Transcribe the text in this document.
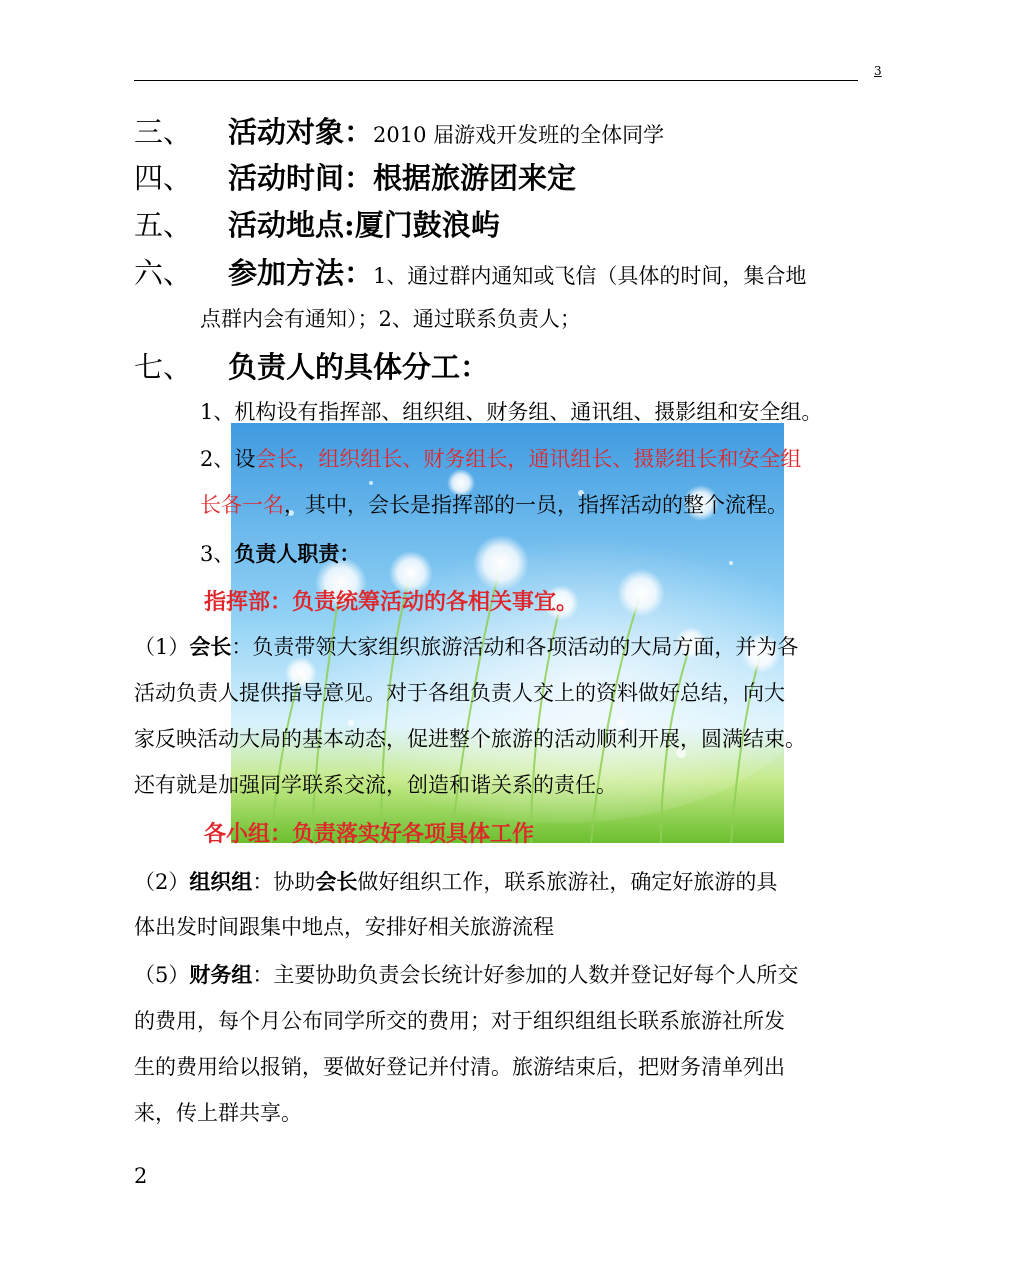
3
三、 活动对象：2010 届游戏开发班的全体同学
四、 活动时间：根据旅游团来定
五、 活动地点:厦门鼓浪屿
六、 参加方法：1、通过群内通知或飞信（具体的时间，集合地
点群内会有通知）；2、通过联系负责人；
七、 负责人的具体分工：
1、机构设有指挥部、组织组、财务组、通讯组、摄影组和安全组。
2、设会长，组织组长、财务组长，通讯组长、摄影组长和安全组
长各一名，其中，会长是指挥部的一员，指挥活动的整个流程。
3、负责人职责：
指挥部：负责统筹活动的各相关事宜。
（1）会长：负责带领大家组织旅游活动和各项活动的大局方面，并为各
活动负责人提供指导意见。对于各组负责人交上的资料做好总结，向大
家反映活动大局的基本动态，促进整个旅游的活动顺利开展，圆满结束。
还有就是加强同学联系交流，创造和谐关系的责任。
各小组：负责落实好各项具体工作
（2）组织组：协助会长做好组织工作，联系旅游社，确定好旅游的具
体出发时间跟集中地点，安排好相关旅游流程
（5）财务组：主要协助负责会长统计好参加的人数并登记好每个人所交
的费用，每个月公布同学所交的费用；对于组织组组长联系旅游社所发
生的费用给以报销，要做好登记并付清。旅游结束后，把财务清单列出
来，传上群共享。
2
